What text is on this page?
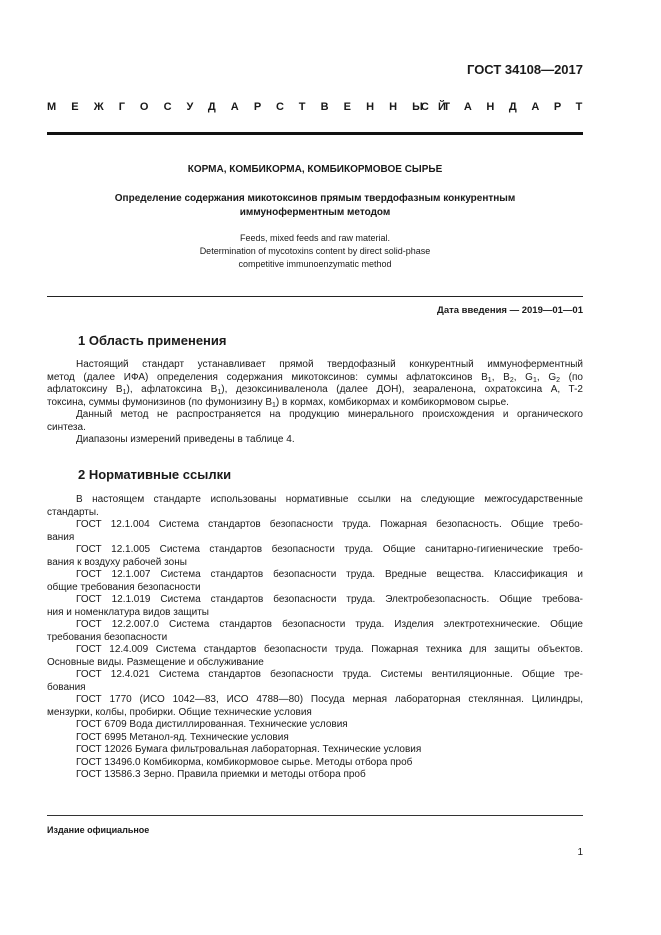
ГОСТ 34108—2017
МЕЖГОСУДАРСТВЕННЫЙ
СТАНДАРТ
КОРМА, КОМБИКОРМА, КОМБИКОРМОВОЕ СЫРЬЕ
Определение содержания микотоксинов прямым твердофазным конкурентным
иммуноферментным методом
Feeds, mixed feeds and raw material.
Determination of mycotoxins content by direct solid-phase
competitive immunoenzymatic method
Дата введения — 2019—01—01
1 Область применения
Настоящий стандарт устанавливает прямой твердофазный конкурентный иммуноферментный
метод (далее ИФА) определения содержания микотоксинов: суммы афлатоксинов $B_1$, $B_2$, $G_1$, $G_2$ (по
афлатоксину $B_1$), афлатоксина $B_1$), дезоксиниваленола (далее ДОН), зеараленона, охратоксина A, T-2
токсина, суммы фумонизинов (по фумонизину $B_1$) в кормах, комбикормах и комбикормовом сырье.
Данный метод не распространяется на продукцию минерального происхождения и органического
синтеза.
Диапазоны измерений приведены в таблице 4.
2 Нормативные ссылки
В настоящем стандарте использованы нормативные ссылки на следующие межгосударственные
стандарты.
ГОСТ 12.1.004 Система стандартов безопасности труда. Пожарная безопасность. Общие требо-
вания
ГОСТ 12.1.005 Система стандартов безопасности труда. Общие санитарно-гигиенические требо-
вания к воздуху рабочей зоны
ГОСТ 12.1.007 Система стандартов безопасности труда. Вредные вещества. Классификация и
общие требования безопасности
ГОСТ 12.1.019 Система стандартов безопасности труда. Электробезопасность. Общие требова-
ния и номенклатура видов защиты
ГОСТ 12.2.007.0 Система стандартов безопасности труда. Изделия электротехнические. Общие
требования безопасности
ГОСТ 12.4.009 Система стандартов безопасности труда. Пожарная техника для защиты объектов.
Основные виды. Размещение и обслуживание
ГОСТ 12.4.021 Система стандартов безопасности труда. Системы вентиляционные. Общие тре-
бования
ГОСТ 1770 (ИСО 1042—83, ИСО 4788—80) Посуда мерная лабораторная стеклянная. Цилиндры,
мензурки, колбы, пробирки. Общие технические условия
ГОСТ 6709 Вода дистиллированная. Технические условия
ГОСТ 6995 Метанол-яд. Технические условия
ГОСТ 12026 Бумага фильтровальная лабораторная. Технические условия
ГОСТ 13496.0 Комбикорма, комбикормовое сырье. Методы отбора проб
ГОСТ 13586.3 Зерно. Правила приемки и методы отбора проб
Издание официальное
1
